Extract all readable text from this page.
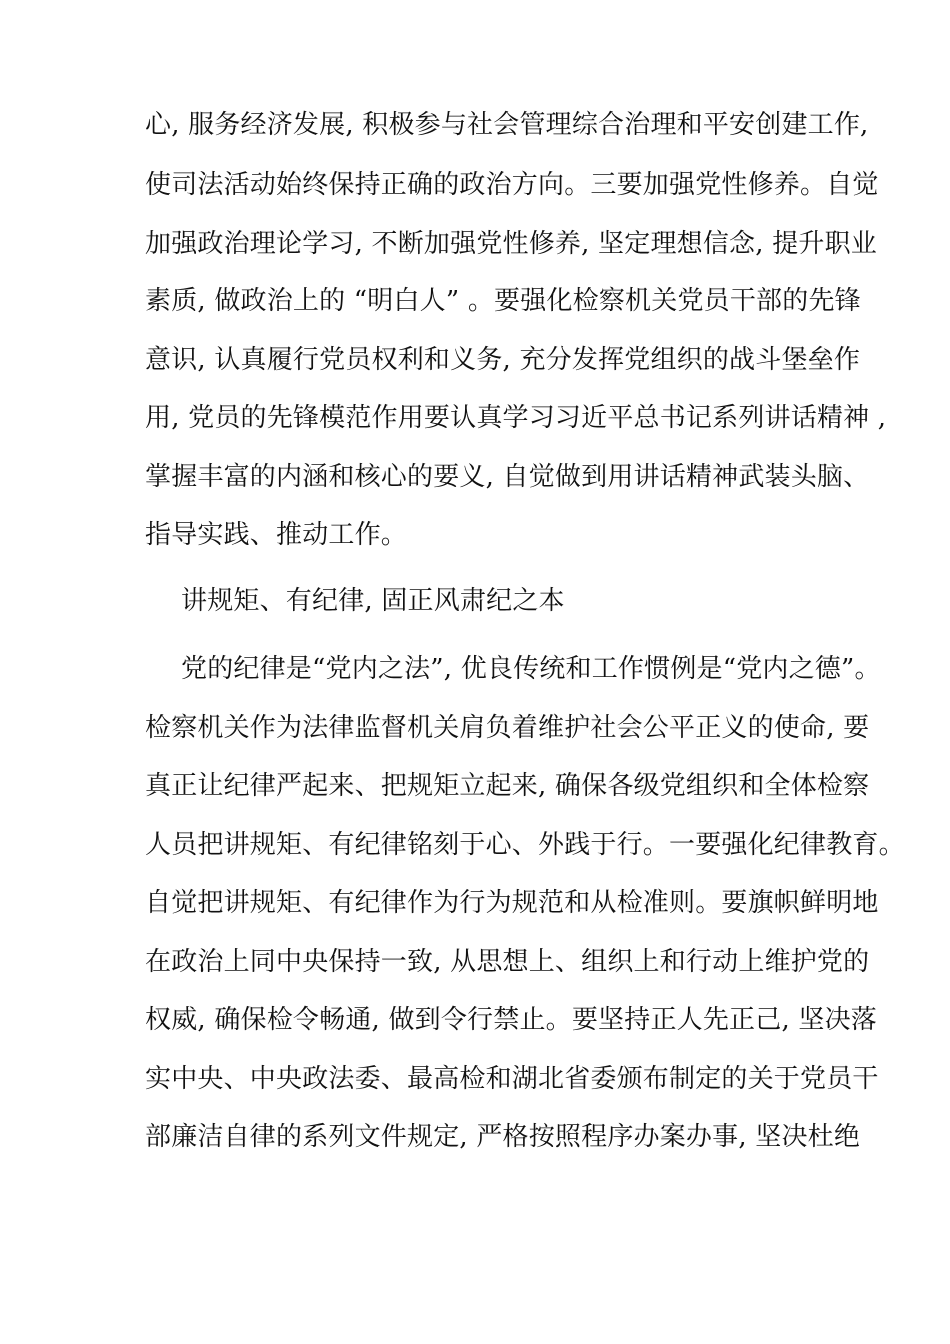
心, 服务经济发展, 积极参与社会管理综合治理和平安创建工作,
使司法活动始终保持正确的政治方向。三要加强党性修养。自觉
加强政治理论学习, 不断加强党性修养, 坚定理想信念, 提升职业
素质, 做政治上的 “明白人” 。要强化检察机关党员干部的先锋
意识, 认真履行党员权利和义务, 充分发挥党组织的战斗堡垒作
用, 党员的先锋模范作用要认真学习习近平总书记系列讲话精神 ,
掌握丰富的内涵和核心的要义, 自觉做到用讲话精神武装头脑、
指导实践、推动工作。
讲规矩、有纪律, 固正风肃纪之本
党的纪律是“党内之法”, 优良传统和工作惯例是“党内之德”。
检察机关作为法律监督机关肩负着维护社会公平正义的使命, 要
真正让纪律严起来、把规矩立起来, 确保各级党组织和全体检察
人员把讲规矩、有纪律铭刻于心、外践于行。一要强化纪律教育。
自觉把讲规矩、有纪律作为行为规范和从检准则。要旗帜鲜明地
在政治上同中央保持一致, 从思想上、组织上和行动上维护党的
权威, 确保检令畅通, 做到令行禁止。要坚持正人先正己, 坚决落
实中央、中央政法委、最高检和湖北省委颁布制定的关于党员干
部廉洁自律的系列文件规定, 严格按照程序办案办事, 坚决杜绝
